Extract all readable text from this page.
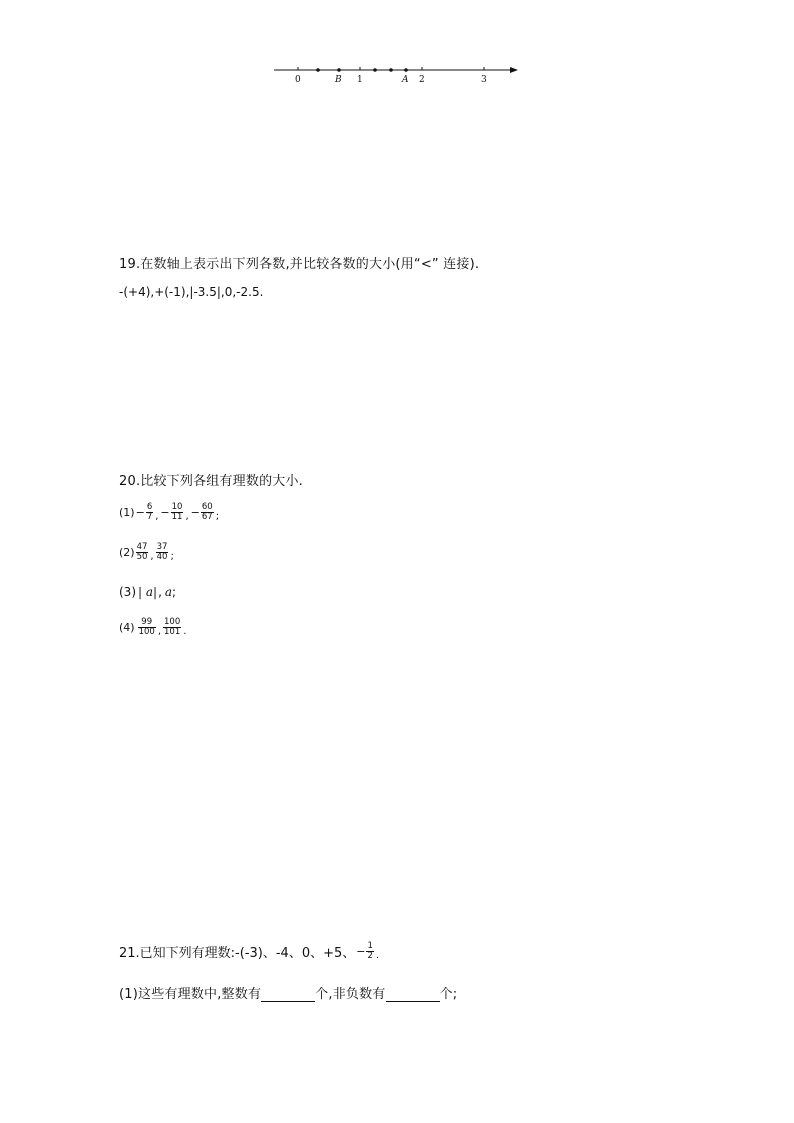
0	B 1	A 2	3
19.在数轴上表示出下列各数,并比较各数的大小(用“<” 连接).
-(+4),+(-1),|-3.5|,0,-2.5.
20.比较下列各组有理数的大小.
$(1) - \frac{6}{7}$ , − $\frac{10}{11}$ , − $\frac{60}{67}$ ;
$(2) \frac{47}{50}$ , $\frac{37}{40}$ ;
(3) | a| , a ;
$(4) \frac{99}{100}$ , $\frac{100}{101}$ .
21.已知下列有理数:-(-3)、-4、0、+5、 − $\frac{1}{2}$ .
(1)这些有理数中,整数有	个,非负数有	个;
